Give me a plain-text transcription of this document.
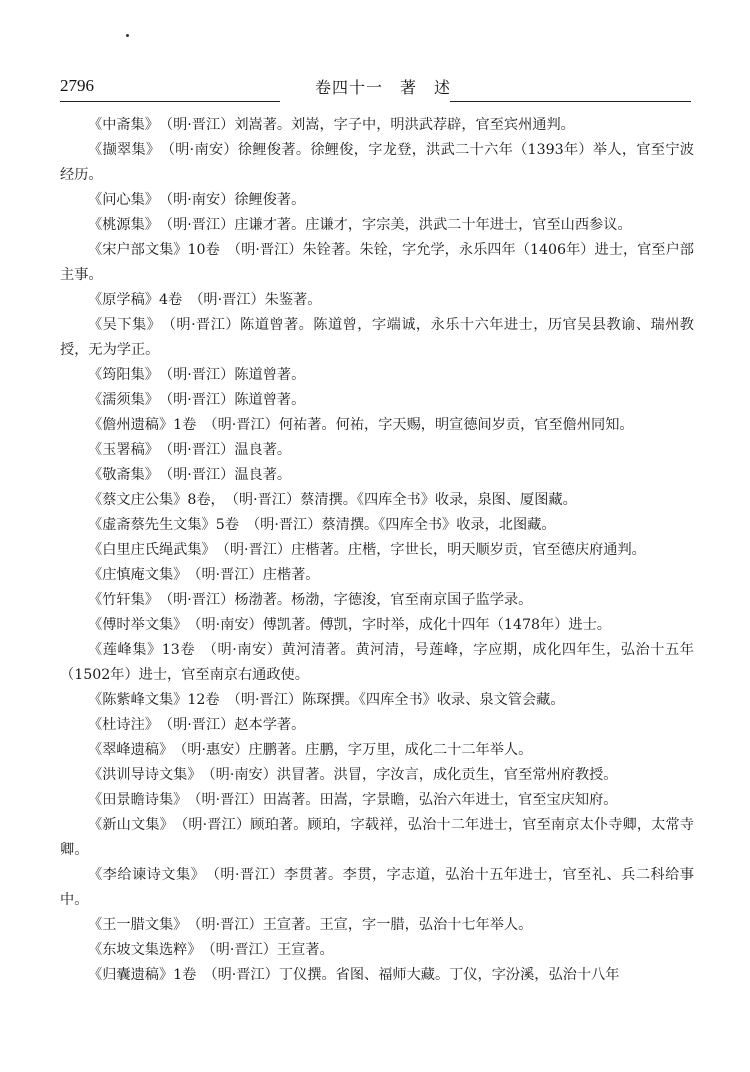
2796	卷四十一　著　述

《中斋集》　（明·晋江）刘嵩著。刘嵩，字子中，明洪武荐辟，官至宾州通判。

《撷翠集》　（明·南安）徐鲤俊著。徐鲤俊，字龙登，洪武二十六年（1393年）举人，官至宁波经历。

《问心集》　（明·南安）徐鲤俊著。

《桃源集》　（明·晋江）庄谦才著。庄谦才，字宗美，洪武二十年进士，官至山西参议。

《宋户部文集》10卷　（明·晋江）朱铨著。朱铨，字允学，永乐四年（1406年）进士，官至户部主事。

《原学稿》4卷　（明·晋江）朱鉴著。

《吴下集》　（明·晋江）陈道曾著。陈道曾，字端诚，永乐十六年进士，历官吴县教谕、瑞州教授，无为学正。

《筠阳集》　（明·晋江）陈道曾著。

《濡须集》　（明·晋江）陈道曾著。

《儋州遗稿》1卷　（明·晋江）何祐著。何祐，字天赐，明宣德间岁贡，官至儋州同知。

《玉署稿》　（明·晋江）温良著。

《敬斋集》　（明·晋江）温良著。

《蔡文庄公集》8卷，　（明·晋江）蔡清撰。《四库全书》收录，泉图、厦图藏。

《虚斋蔡先生文集》5卷　（明·晋江）蔡清撰。《四库全书》收录，北图藏。

《白里庄氏绳武集》　（明·晋江）庄楷著。庄楷，字世长，明天顺岁贡，官至德庆府通判。

《庄慎庵文集》　（明·晋江）庄楷著。

《竹轩集》　（明·晋江）杨渤著。杨渤，字德浚，官至南京国子监学录。

《傅时举文集》　（明·南安）傅凯著。傅凯，字时举，成化十四年（1478年）进士。

《莲峰集》13卷　（明·南安）黄河清著。黄河清，号莲峰，字应期，成化四年生，弘治十五年（1502年）进士，官至南京右通政使。

《陈紫峰文集》12卷　（明·晋江）陈琛撰。《四库全书》收录、泉文管会藏。

《杜诗注》　（明·晋江）赵本学著。

《翠峰遗稿》　（明·惠安）庄鹏著。庄鹏，字万里，成化二十二年举人。

《洪训导诗文集》　（明·南安）洪冒著。洪冒，字汝言，成化贡生，官至常州府教授。

《田景瞻诗集》　（明·晋江）田嵩著。田嵩，字景瞻，弘治六年进士，官至宝庆知府。

《新山文集》　（明·晋江）顾珀著。顾珀，字载祥，弘治十二年进士，官至南京太仆寺卿，太常寺卿。

《李给谏诗文集》　（明·晋江）李贯著。李贯，字志道，弘治十五年进士，官至礼、兵二科给事中。

《王一腊文集》　（明·晋江）王宣著。王宣，字一腊，弘治十七年举人。

《东坡文集选粹》　（明·晋江）王宣著。

《归囊遗稿》1卷　（明·晋江）丁仪撰。省图、福师大藏。丁仪，字汾溪，弘治十八年
